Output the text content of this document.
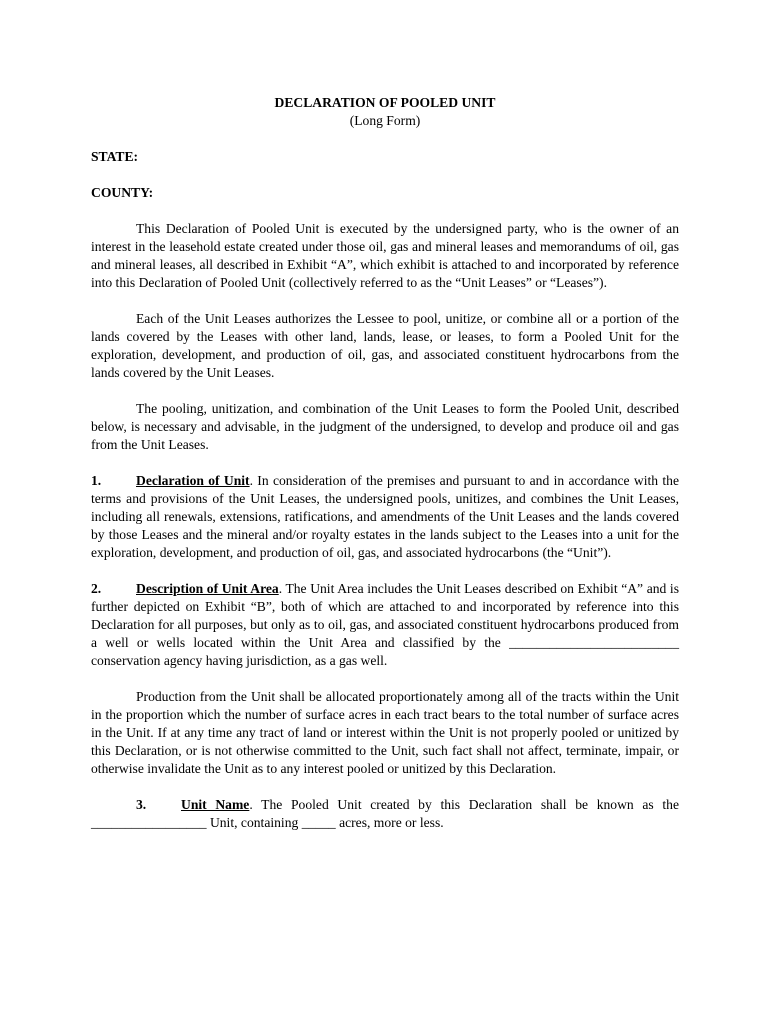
DECLARATION OF POOLED UNIT

(Long Form)

STATE:

COUNTY:

This Declaration of Pooled Unit is executed by the undersigned party, who is the owner of an interest in the leasehold estate created under those oil, gas and mineral leases and memorandums of oil, gas and mineral leases, all described in Exhibit “A”, which exhibit is attached to and incorporated by reference into this Declaration of Pooled Unit (collectively referred to as the “Unit Leases” or “Leases”).

Each of the Unit Leases authorizes the Lessee to pool, unitize, or combine all or a portion of the lands covered by the Leases with other land, lands, lease, or leases, to form a Pooled Unit for the exploration, development, and production of oil, gas, and associated constituent hydrocarbons from the lands covered by the Unit Leases.

The pooling, unitization, and combination of the Unit Leases to form the Pooled Unit, described below, is necessary and advisable, in the judgment of the undersigned, to develop and produce oil and gas from the Unit Leases.

1.	Declaration of Unit. In consideration of the premises and pursuant to and in accordance with the terms and provisions of the Unit Leases, the undersigned pools, unitizes, and combines the Unit Leases, including all renewals, extensions, ratifications, and amendments of the Unit Leases and the lands covered by those Leases and the mineral and/or royalty estates in the lands subject to the Leases into a unit for the exploration, development, and production of oil, gas, and associated hydrocarbons (the “Unit”).

2.	Description of Unit Area. The Unit Area includes the Unit Leases described on Exhibit “A” and is further depicted on Exhibit “B”, both of which are attached to and incorporated by reference into this Declaration for all purposes, but only as to oil, gas, and associated constituent hydrocarbons produced from a well or wells located within the Unit Area and classified by the _________________________ conservation agency having jurisdiction, as a gas well.

Production from the Unit shall be allocated proportionately among all of the tracts within the Unit in the proportion which the number of surface acres in each tract bears to the total number of surface acres in the Unit. If at any time any tract of land or interest within the Unit is not properly pooled or unitized by this Declaration, or is not otherwise committed to the Unit, such fact shall not affect, terminate, impair, or otherwise invalidate the Unit as to any interest pooled or unitized by this Declaration.

3.	Unit Name. The Pooled Unit created by this Declaration shall be known as the _________________ Unit, containing _____ acres, more or less.
